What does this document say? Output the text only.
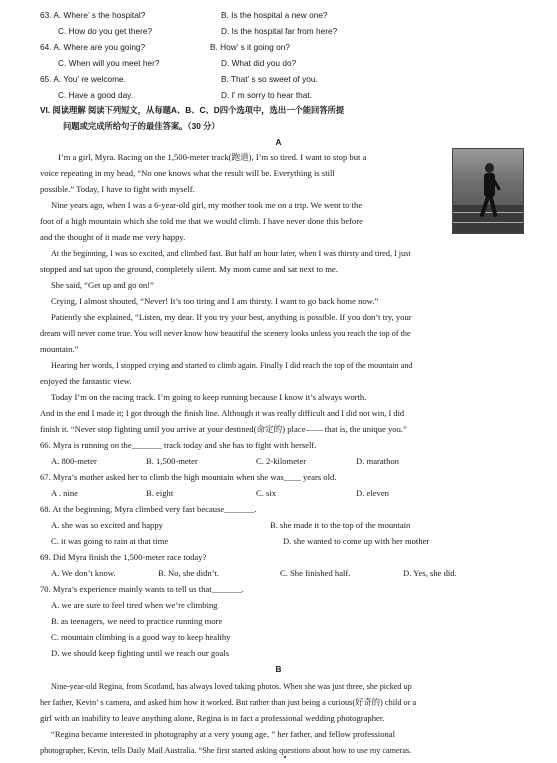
63. A. Where’ s the hospital?	B. Is the hospital a new one?
C. How do you get there?	D. Is the hospital far from here?
64. A. Where are you going?	B. How’ s it going on?
C. When will you meet her?	D. What did you do?
65. A. You’ re welcome.	B. That’ s so sweet of you.
C. Have a good day.	D. I’ m sorry to hear that.
VI. 阅读理解 阅读下列短文，从每题A、B、C、D四个选项中，选出一个能回答所提
问题或完成所给句子的最佳答案。（30 分）
A
I’m a girl, Myra. Racing on the 1,500-meter track(跑道), I’m so tired. I want to stop but a
voice repeating in my head, “No one knows what the result will be. Everything is still
possible.” Today, I have to fight with myself.
Nine years ago, when I was a 6-year-old girl, my mother took me on a trip. We went to the
foot of a high mountain which she told me that we would climb. I have never done this before
and the thought of it made me very happy.
At the beginning, I was so excited, and climbed fast. But half an hour later, when I was thirsty and tired, I just
stopped and sat upon the ground, completely silent. My mom came and sat next to me.
She said, “Get up and go on!”
Crying, I almost shouted, “Never! It’s too tiring and I am thirsty. I want to go back home now.”
Patiently she explained, “Listen, my dear. If you try your best, anything is possible. If you don’t try, your
dream will never come true. You will never know how beautiful the scenery looks unless you reach the top of the
mountain.”
Hearing her words, I stopped crying and started to climb again. Finally I did reach the top of the mountain and
enjoyed the fantastic view.
Today I’m on the racing track. I’m going to keep running because I know it’s always worth.
And in the end I made it; I got through the finish line. Although it was really difficult and I did not win, I did
finish it. “Never stop fighting until you arrive at your destined(命定的) place—— that is, the unique you.”
66. Myra is running on the_______ track today and she has to fight with herself.
A. 800-meter	B. 1,500-meter	C. 2-kilometer	D. marathon
67. Myra’s mother asked her to climb the high mountain when she was____ years old.
A . nine	B. eight	C. six	D. eleven
68. At the beginning, Myra climbed very fast because_______.
A. she was so excited and happy	B. she made it to the top of the mountain
C. it was going to rain at that time	D. she wanted to come up with her mother
69. Did Myra finish the 1,500-meter race today?
A. We don’t know.	B. No, she didn’t.	C. She finished half.	D. Yes, she did.
70. Myra’s experience mainly wants to tell us that_______.
A. we are sure to feel tired when we’re climbing
B. as teenagers, we need to practice running more
C. mountain climbing is a good way to keep healthy
D. we should keep fighting until we reach our goals
B
Nine-year-old Regina, from Scotland, has always loved taking photos. When she was just three, she picked up
her father, Kevin’ s camera, and asked him how it worked. But rather than just being a curious(好奇的) child or a
girl with an inability to leave anything alone, Regina is in fact a professional wedding photographer.
“Regina became interested in photography at a very young age, ” her father, and fellow professional
photographer, Kevin, tells Daily Mail Australia. “She first started asking questions about how to use my cameras.
